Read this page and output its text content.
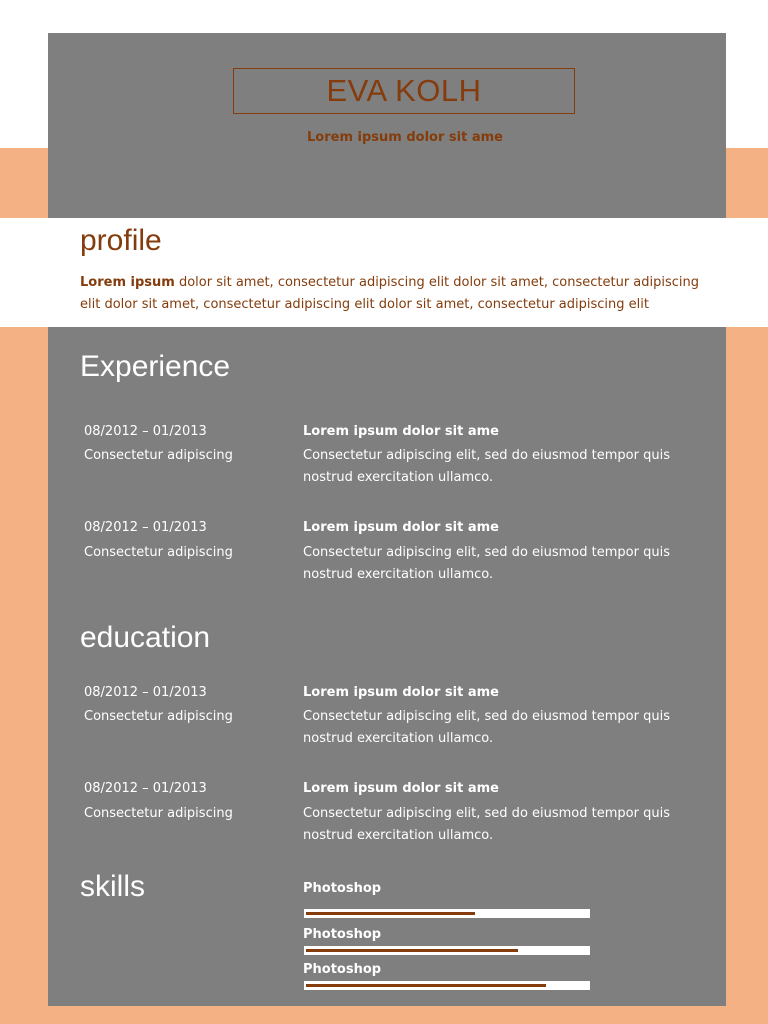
EVA KOLH
Lorem ipsum dolor sit ame
profile
Lorem ipsum dolor sit amet, consectetur adipiscing elit dolor sit amet, consectetur adipiscing elit dolor sit amet, consectetur adipiscing elit dolor sit amet, consectetur adipiscing elit
Experience
08/2012 – 01/2013
Consectetur adipiscing
Lorem ipsum dolor sit ame
Consectetur adipiscing elit, sed do eiusmod tempor quis nostrud exercitation ullamco.
08/2012 – 01/2013
Consectetur adipiscing
Lorem ipsum dolor sit ame
Consectetur adipiscing elit, sed do eiusmod tempor quis nostrud exercitation ullamco.
education
08/2012 – 01/2013
Consectetur adipiscing
Lorem ipsum dolor sit ame
Consectetur adipiscing elit, sed do eiusmod tempor quis nostrud exercitation ullamco.
08/2012 – 01/2013
Consectetur adipiscing
Lorem ipsum dolor sit ame
Consectetur adipiscing elit, sed do eiusmod tempor quis nostrud exercitation ullamco.
skills	Photoshop
Photoshop
Photoshop
